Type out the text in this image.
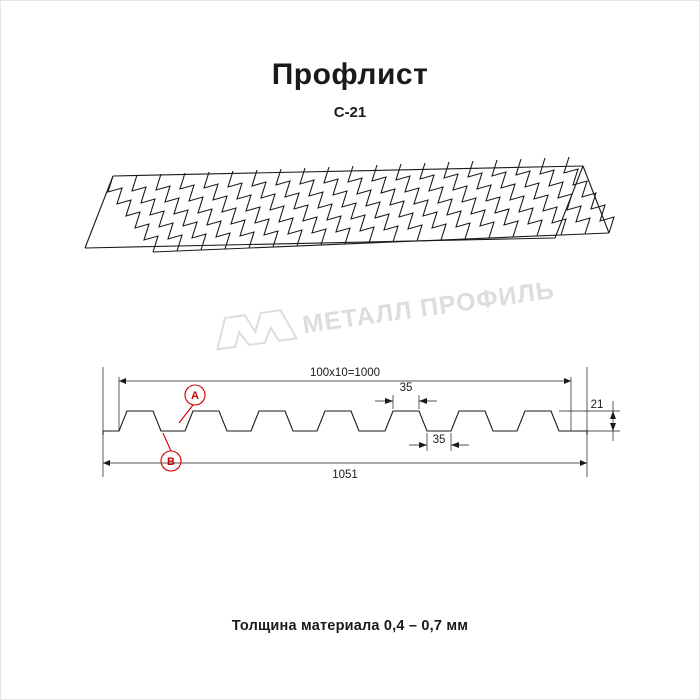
Профлист
С-21
МЕТАЛЛ ПРОФИЛЬ
100х10=1000
1051
21
35
35
A
B
Толщина материала 0,4 – 0,7 мм
